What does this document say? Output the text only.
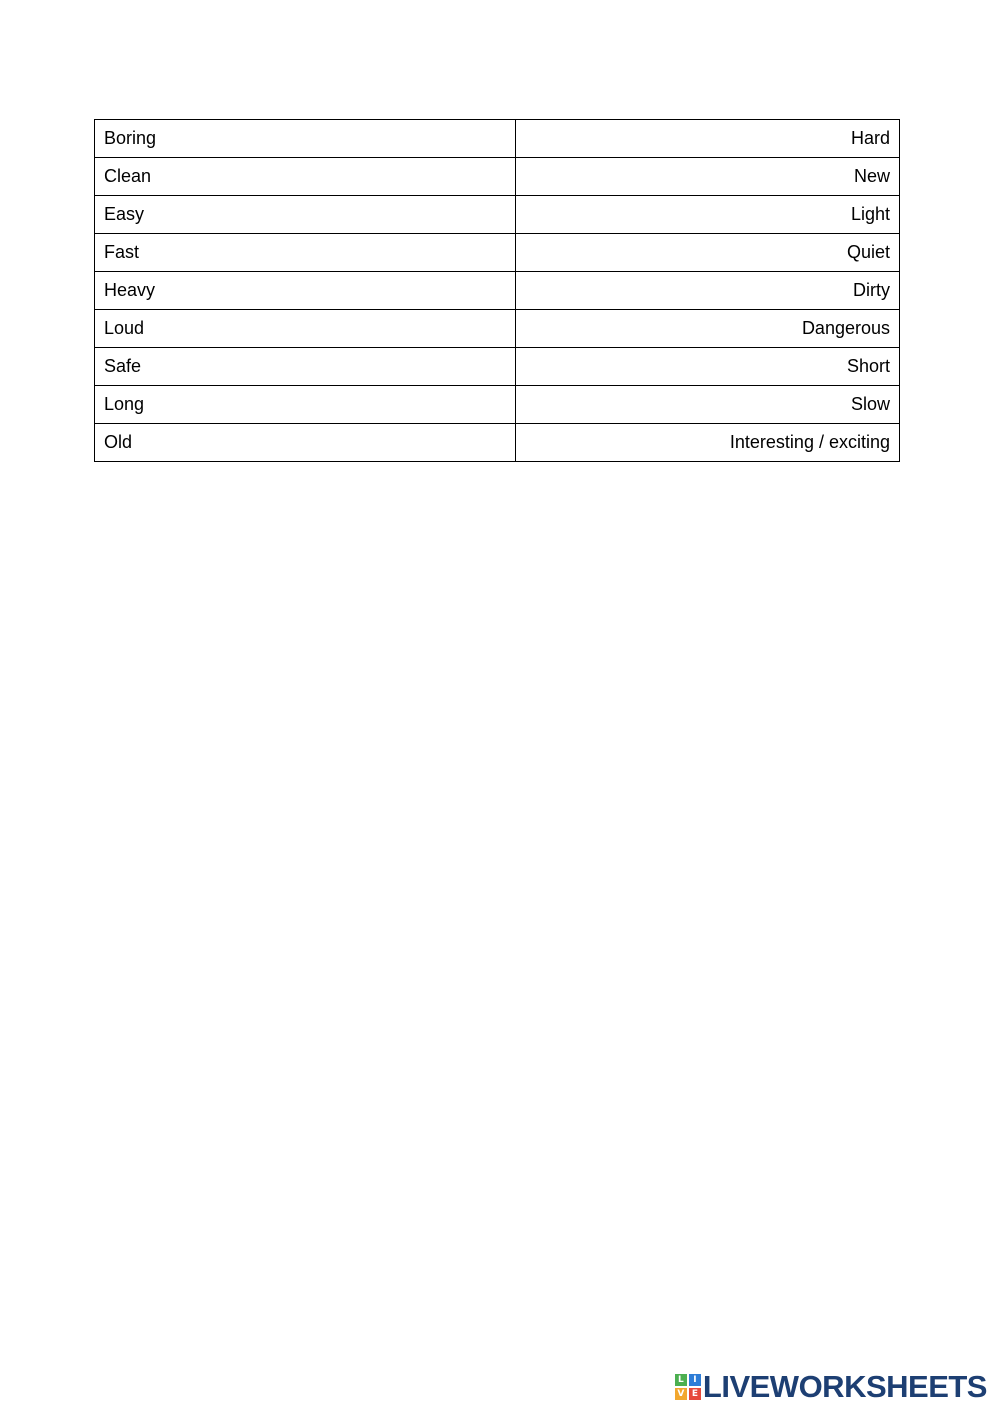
Boring	Hard
Clean	New
Easy	Light
Fast	Quiet
Heavy	Dirty
Loud	Dangerous
Safe	Short
Long	Slow
Old	Interesting / exciting
L	I
V E LIVEWORKSHEETS
